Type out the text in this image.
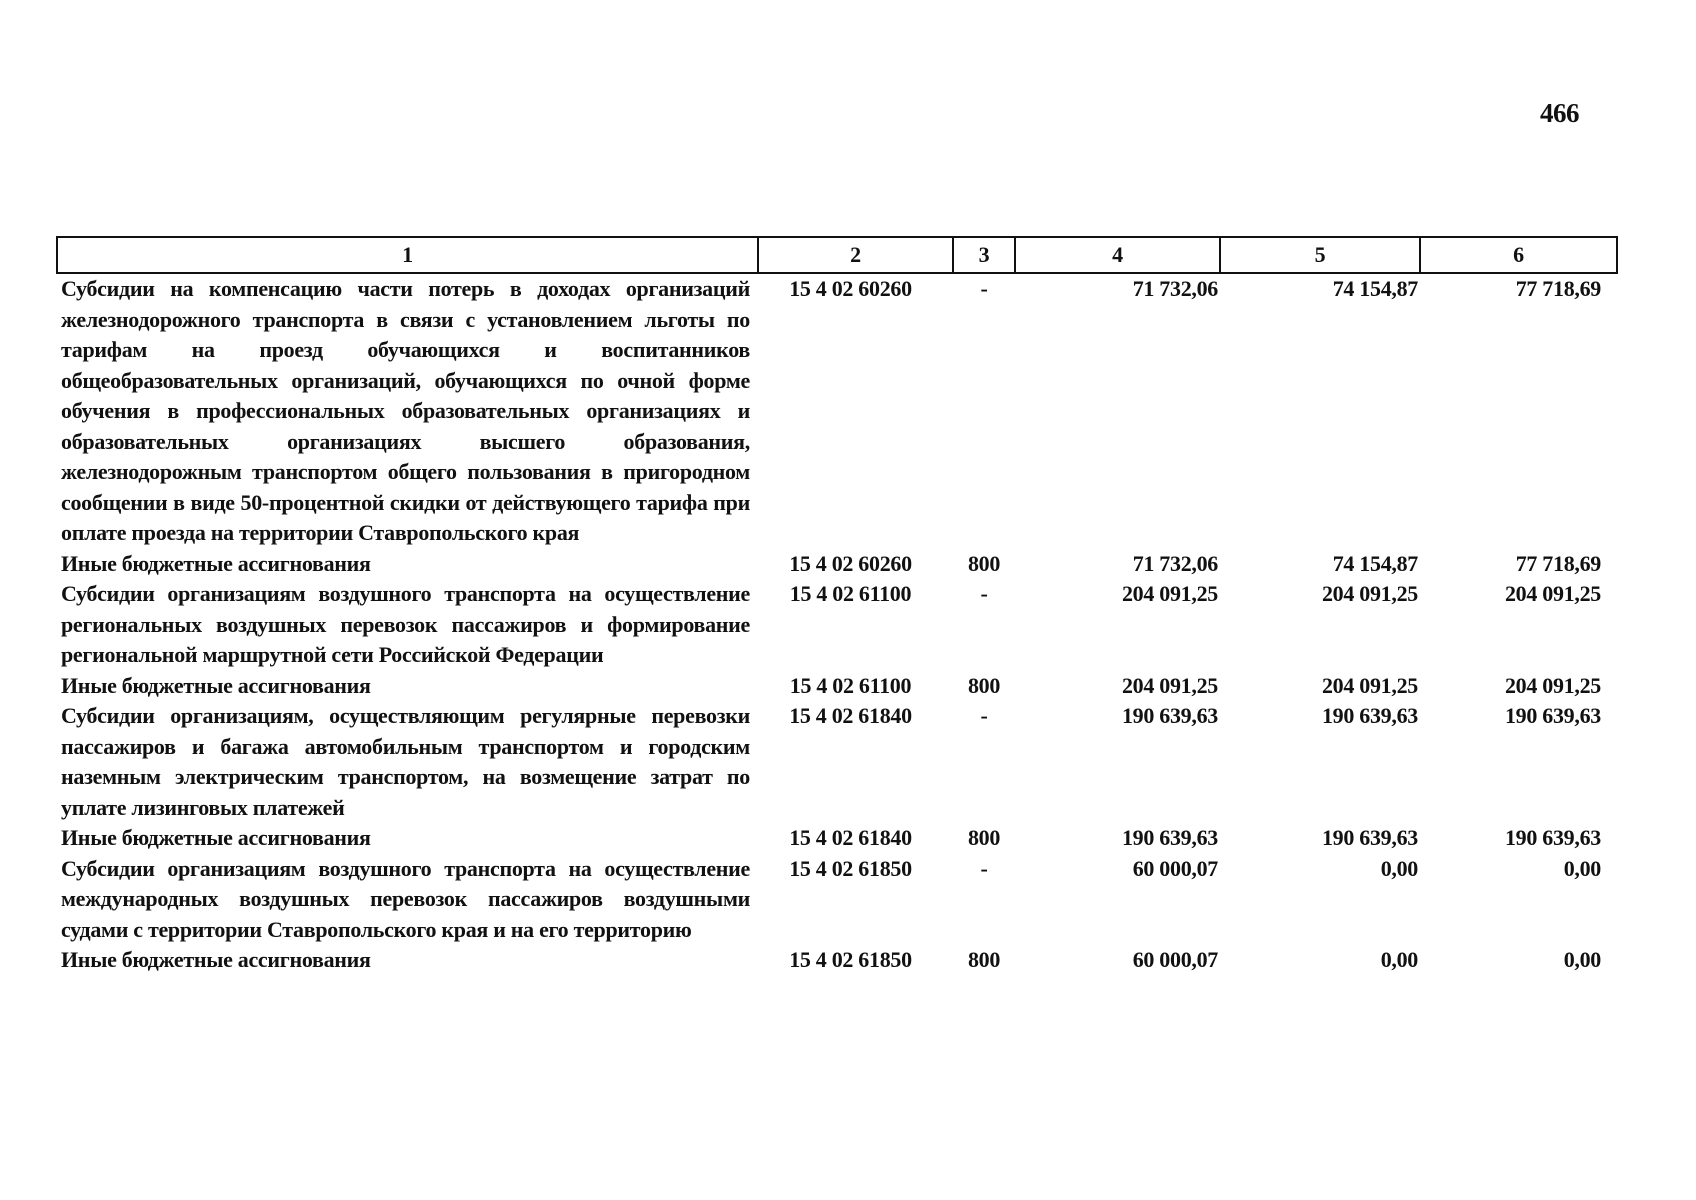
466
1	2	3	4	5	6
Субсидии на компенсацию части потерь в доходах организаций железнодорожного транспорта в связи с установлением льготы по тарифам на проезд обучающихся и воспитанников общеобразовательных организаций, обучающихся по очной форме обучения в профессиональных образовательных организациях и образовательных организациях высшего образования, железнодорожным транспортом общего пользования в пригородном сообщении в виде 50-процентной скидки от действующего тарифа при оплате проезда на территории Ставропольского края	15 4 02 60260	-	71 732,06	74 154,87	77 718,69
Иные бюджетные ассигнования	15 4 02 60260	800	71 732,06	74 154,87	77 718,69
Субсидии организациям воздушного транспорта на осуществление региональных воздушных перевозок пассажиров и формирование региональной маршрутной сети Российской Федерации	15 4 02 61100	-	204 091,25	204 091,25	204 091,25
Иные бюджетные ассигнования	15 4 02 61100	800	204 091,25	204 091,25	204 091,25
Субсидии организациям, осуществляющим регулярные перевозки пассажиров и багажа автомобильным транспортом и городским наземным электрическим транспортом, на возмещение затрат по уплате лизинговых платежей	15 4 02 61840	-	190 639,63	190 639,63	190 639,63
Иные бюджетные ассигнования	15 4 02 61840	800	190 639,63	190 639,63	190 639,63
Субсидии организациям воздушного транспорта на осуществление международных воздушных перевозок пассажиров воздушными судами с территории Ставропольского края и на его территорию	15 4 02 61850	-	60 000,07	0,00	0,00
Иные бюджетные ассигнования	15 4 02 61850	800	60 000,07	0,00	0,00
